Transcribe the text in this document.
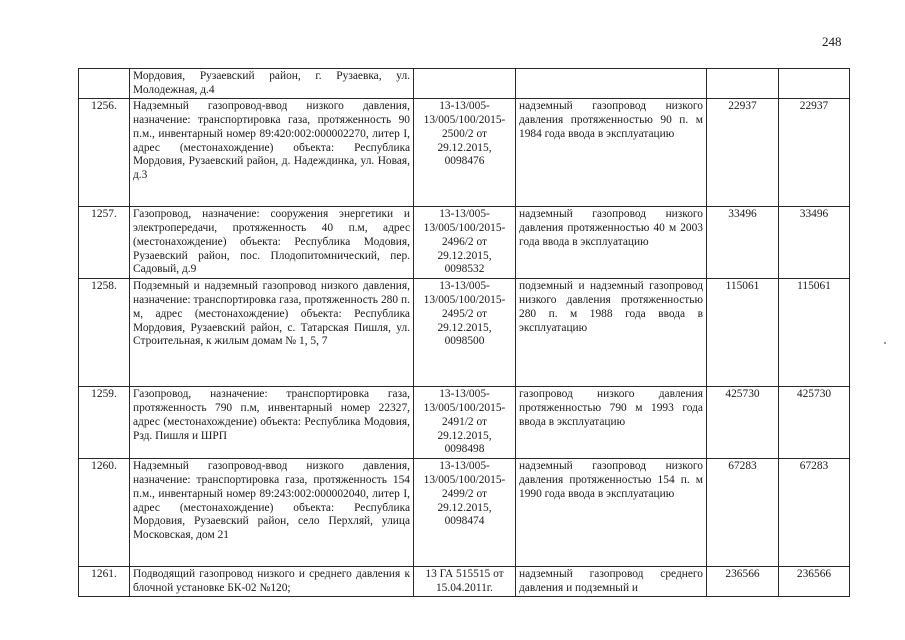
248
	Мордовия, Рузаевский район, г. Рузаевка, ул. Молодежная, д.4				
1256.	Надземный газопровод-ввод низкого давления, назначение: транспортировка газа, протяженность 90 п.м., инвентарный номер 89:420:002:000002270, литер I, адрес (местонахождение) объекта: Республика Мордовия, Рузаевский район, д. Надеждинка, ул. Новая, д.3	13-13/005-13/005/100/2015-2500/2 от 29.12.2015, 0098476	надземный газопровод низкого давления протяженностью 90 п. м 1984 года ввода в эксплуатацию	22937	22937
1257.	Газопровод, назначение: сооружения энергетики и электропередачи, протяженность 40 п.м, адрес (местонахождение) объекта: Республика Модовия, Рузаевский район, пос. Плодопитомнический, пер. Садовый, д.9	13-13/005-13/005/100/2015-2496/2 от 29.12.2015, 0098532	надземный газопровод низкого давления протяженностью 40 м 2003 года ввода в эксплуатацию	33496	33496
1258.	Подземный и надземный газопровод низкого давления, назначение: транспортировка газа, протяженность 280 п. м, адрес (местонахождение) объекта: Республика Мордовия, Рузаевский район, с. Татарская Пишля, ул. Строительная, к жилым домам № 1, 5, 7	13-13/005-13/005/100/2015-2495/2 от 29.12.2015, 0098500	подземный и надземный газопровод низкого давления протяженностью 280 п. м 1988 года ввода в эксплуатацию	115061	115061
1259.	Газопровод, назначение: транспортировка газа, протяженность 790 п.м, инвентарный номер 22327, адрес (местонахождение) объекта: Республика Модовия, Рзд. Пишля и ШРП	13-13/005-13/005/100/2015-2491/2 от 29.12.2015, 0098498	газопровод низкого давления протяженностью 790 м 1993 года ввода в эксплуатацию	425730	425730
1260.	Надземный газопровод-ввод низкого давления, назначение: транспортировка газа, протяженность 154 п.м., инвентарный номер 89:243:002:000002040, литер I, адрес (местонахождение) объекта: Республика Мордовия, Рузаевский район, село Перхляй, улица Московская, дом 21	13-13/005-13/005/100/2015-2499/2 от 29.12.2015, 0098474	надземный газопровод низкого давления протяженностью 154 п. м 1990 года ввода в эксплуатацию	67283	67283
1261.	Подводящий газопровод низкого и среднего давления к блочной установке БК-02 №120;	13 ГА 515515 от 15.04.2011г.	надземный газопровод среднего давления и подземный и	236566	236566
